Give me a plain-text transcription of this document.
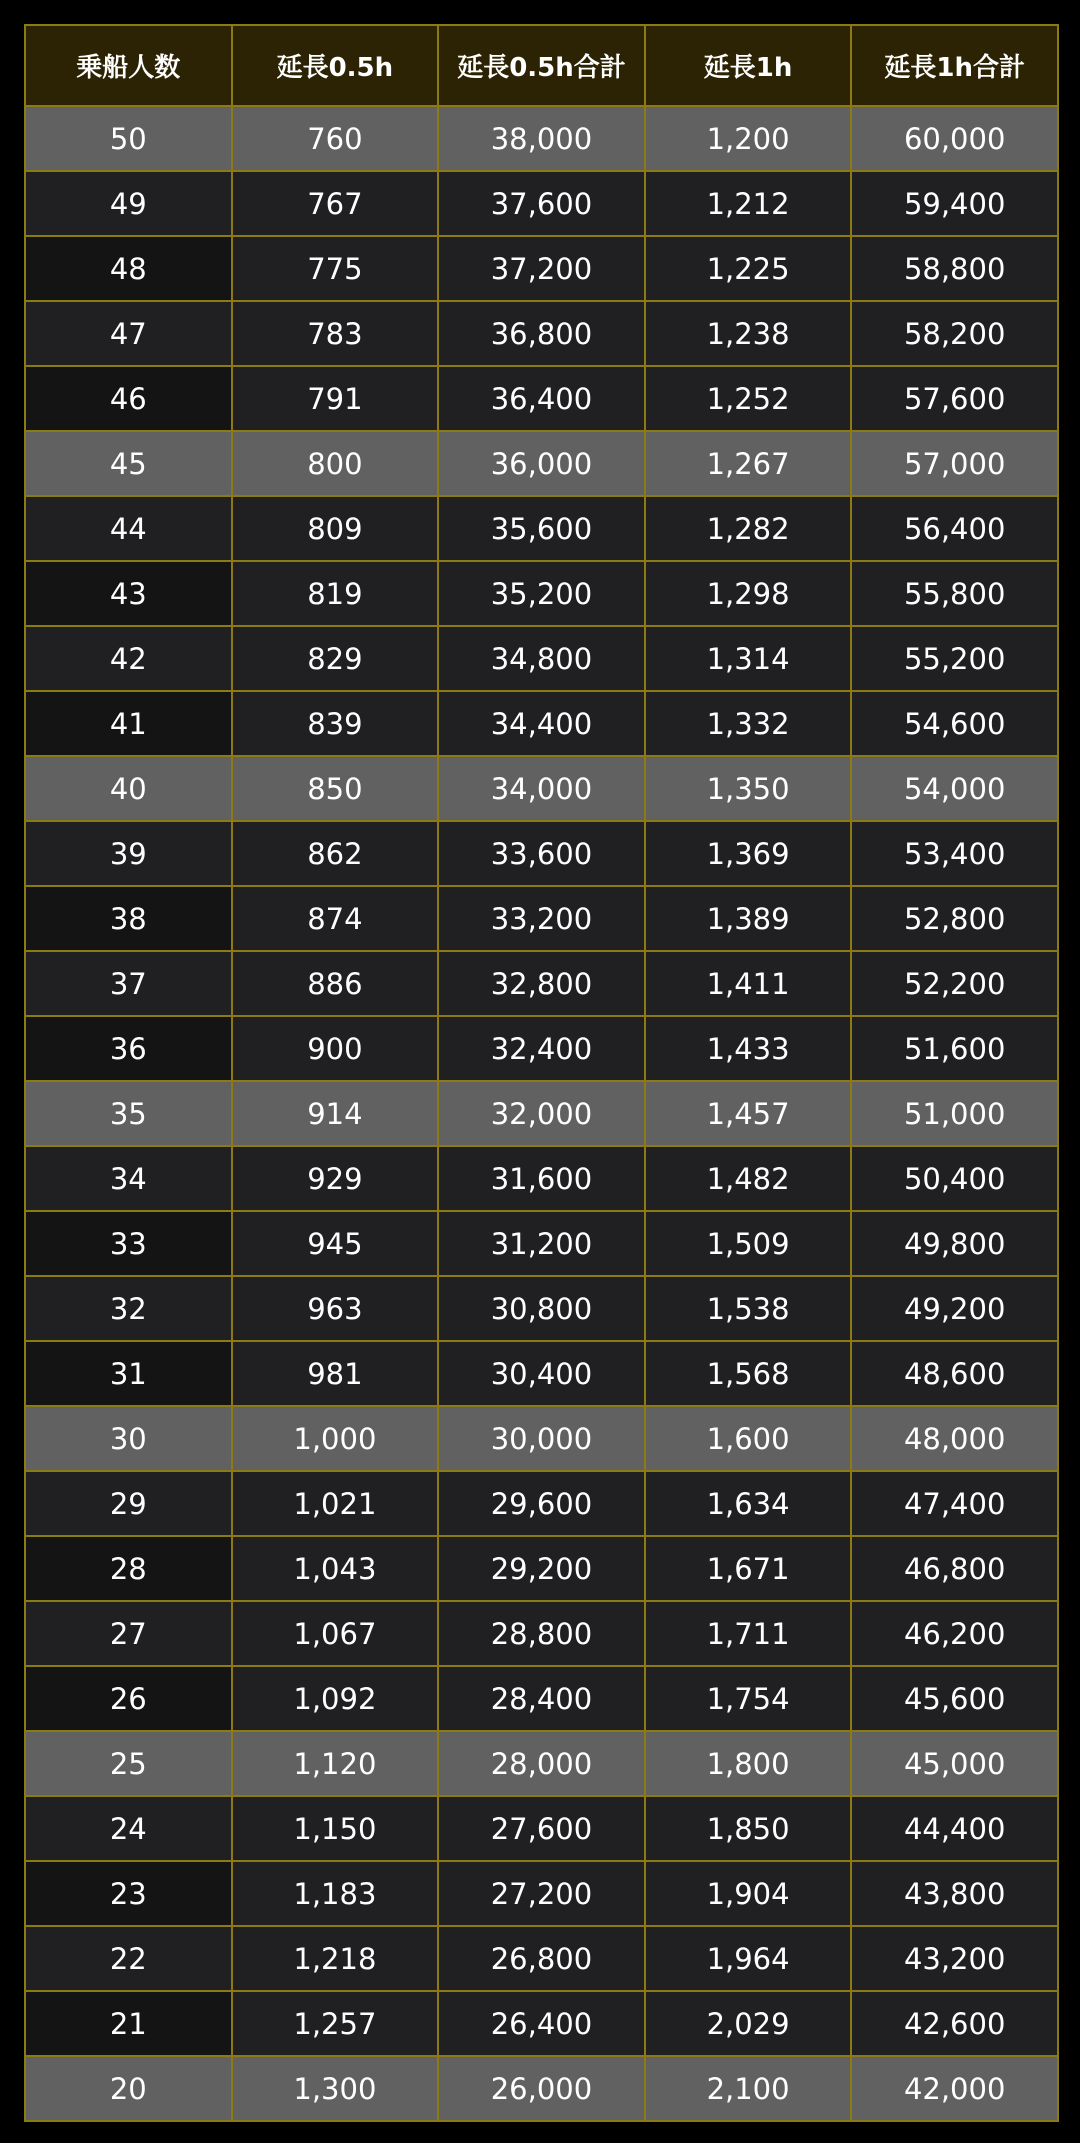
乗船人数	延長0.5h	延長0.5h合計	延長1h	延長1h合計
50	760	38,000	1,200	60,000
49	767	37,600	1,212	59,400
48	775	37,200	1,225	58,800
47	783	36,800	1,238	58,200
46	791	36,400	1,252	57,600
45	800	36,000	1,267	57,000
44	809	35,600	1,282	56,400
43	819	35,200	1,298	55,800
42	829	34,800	1,314	55,200
41	839	34,400	1,332	54,600
40	850	34,000	1,350	54,000
39	862	33,600	1,369	53,400
38	874	33,200	1,389	52,800
37	886	32,800	1,411	52,200
36	900	32,400	1,433	51,600
35	914	32,000	1,457	51,000
34	929	31,600	1,482	50,400
33	945	31,200	1,509	49,800
32	963	30,800	1,538	49,200
31	981	30,400	1,568	48,600
30	1,000	30,000	1,600	48,000
29	1,021	29,600	1,634	47,400
28	1,043	29,200	1,671	46,800
27	1,067	28,800	1,711	46,200
26	1,092	28,400	1,754	45,600
25	1,120	28,000	1,800	45,000
24	1,150	27,600	1,850	44,400
23	1,183	27,200	1,904	43,800
22	1,218	26,800	1,964	43,200
21	1,257	26,400	2,029	42,600
20	1,300	26,000	2,100	42,000
